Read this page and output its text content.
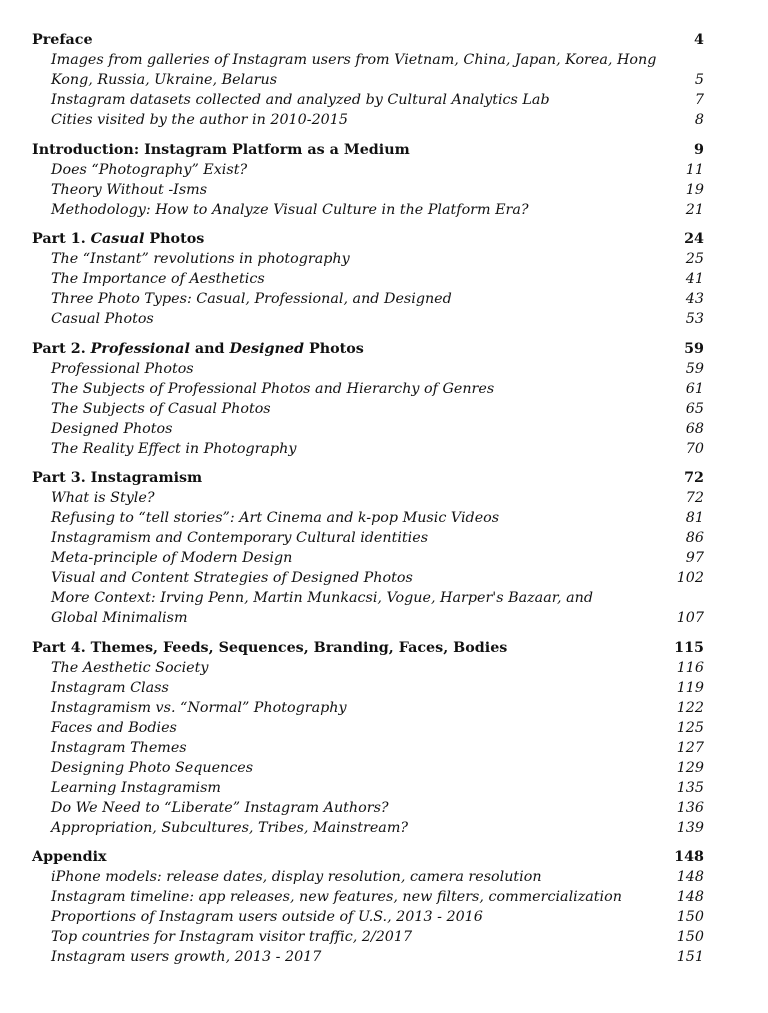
Preface	4
Images from galleries of Instagram users from Vietnam, China, Japan, Korea, Hong Kong, Russia, Ukraine, Belarus	5
Instagram datasets collected and analyzed by Cultural Analytics Lab	7
Cities visited by the author in 2010-2015	8
Introduction: Instagram Platform as a Medium	9
Does “Photography” Exist?	11
Theory Without -Isms	19
Methodology: How to Analyze Visual Culture in the Platform Era?	21
Part 1. Casual Photos	24
The “Instant” revolutions in photography	25
The Importance of Aesthetics	41
Three Photo Types: Casual, Professional, and Designed	43
Casual Photos	53
Part 2. Professional and Designed Photos	59
Professional Photos	59
The Subjects of Professional Photos and Hierarchy of Genres	61
The Subjects of Casual Photos	65
Designed Photos	68
The Reality Effect in Photography	70
Part 3. Instagramism	72
What is Style?	72
Refusing to “tell stories”: Art Cinema and k-pop Music Videos	81
Instagramism and Contemporary Cultural identities	86
Meta-principle of Modern Design	97
Visual and Content Strategies of Designed Photos	102
More Context: Irving Penn, Martin Munkacsi, Vogue, Harper's Bazaar, and Global Minimalism	107
Part 4. Themes, Feeds, Sequences, Branding, Faces, Bodies	115
The Aesthetic Society	116
Instagram Class	119
Instagramism vs. “Normal” Photography	122
Faces and Bodies	125
Instagram Themes	127
Designing Photo Sequences	129
Learning Instagramism	135
Do We Need to “Liberate” Instagram Authors?	136
Appropriation, Subcultures, Tribes, Mainstream?	139
Appendix	148
iPhone models: release dates, display resolution, camera resolution	148
Instagram timeline: app releases, new features, new filters, commercialization	148
Proportions of Instagram users outside of U.S., 2013 - 2016	150
Top countries for Instagram visitor traffic, 2/2017	150
Instagram users growth, 2013 - 2017	151
